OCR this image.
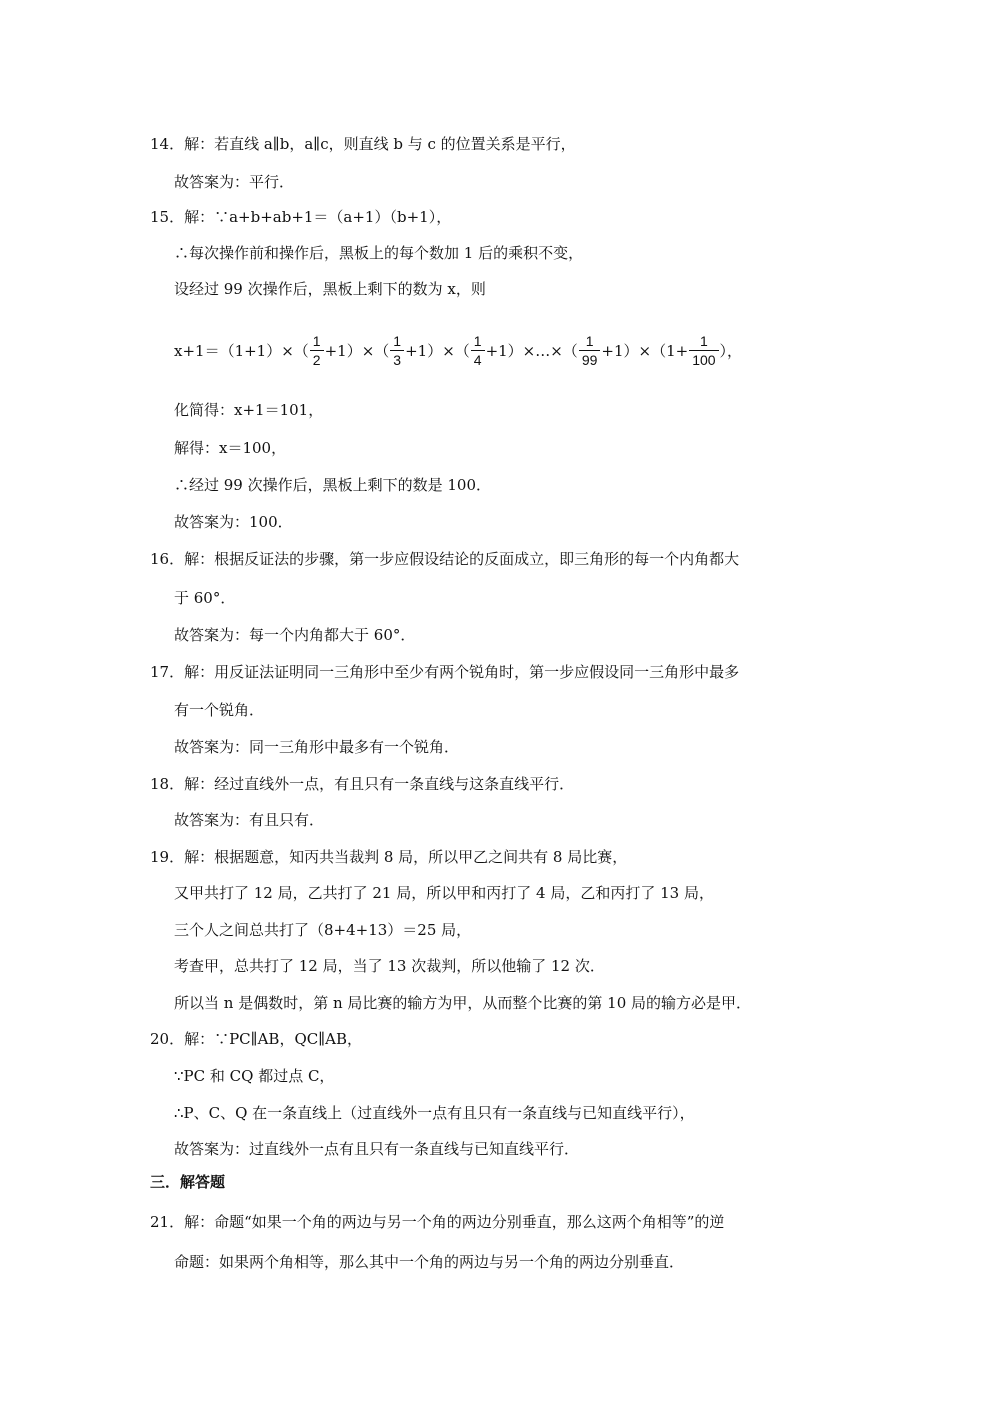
14．解：若直线 a∥b，a∥c，则直线 b 与 c 的位置关系是平行，
故答案为：平行．
15．解：∵a+b+ab+1＝（a+1）（b+1），
∴每次操作前和操作后，黑板上的每个数加 1 后的乘积不变，
设经过 99 次操作后，黑板上剩下的数为 x，则
化简得：x+1＝101，
解得：x＝100，
∴经过 99 次操作后，黑板上剩下的数是 100．
故答案为：100．
16．解：根据反证法的步骤，第一步应假设结论的反面成立，即三角形的每一个内角都大
于 60°．
故答案为：每一个内角都大于 60°．
17．解：用反证法证明同一三角形中至少有两个锐角时，第一步应假设同一三角形中最多
有一个锐角．
故答案为：同一三角形中最多有一个锐角．
18．解：经过直线外一点，有且只有一条直线与这条直线平行．
故答案为：有且只有．
19．解：根据题意，知丙共当裁判 8 局，所以甲乙之间共有 8 局比赛，
又甲共打了 12 局，乙共打了 21 局，所以甲和丙打了 4 局，乙和丙打了 13 局，
三个人之间总共打了（8+4+13）＝25 局，
考查甲，总共打了 12 局，当了 13 次裁判，所以他输了 12 次．
所以当 n 是偶数时，第 n 局比赛的输方为甲，从而整个比赛的第 10 局的输方必是甲．
20．解：∵PC∥AB，QC∥AB，
∵PC 和 CQ 都过点 C，
∴P、C、Q 在一条直线上（过直线外一点有且只有一条直线与已知直线平行），
故答案为：过直线外一点有且只有一条直线与已知直线平行．
三．解答题
21．解：命题“如果一个角的两边与另一个角的两边分别垂直，那么这两个角相等”的逆
命题：如果两个角相等，那么其中一个角的两边与另一个角的两边分别垂直．
$x+1=(1+1)\times( \frac{1}{2} +1)\times( \frac{1}{3} +1)\times( \frac{1}{4}$ +1）×…×（ $\frac{1}{99} +1)\times(1+ \frac{1}{100}$ ），
